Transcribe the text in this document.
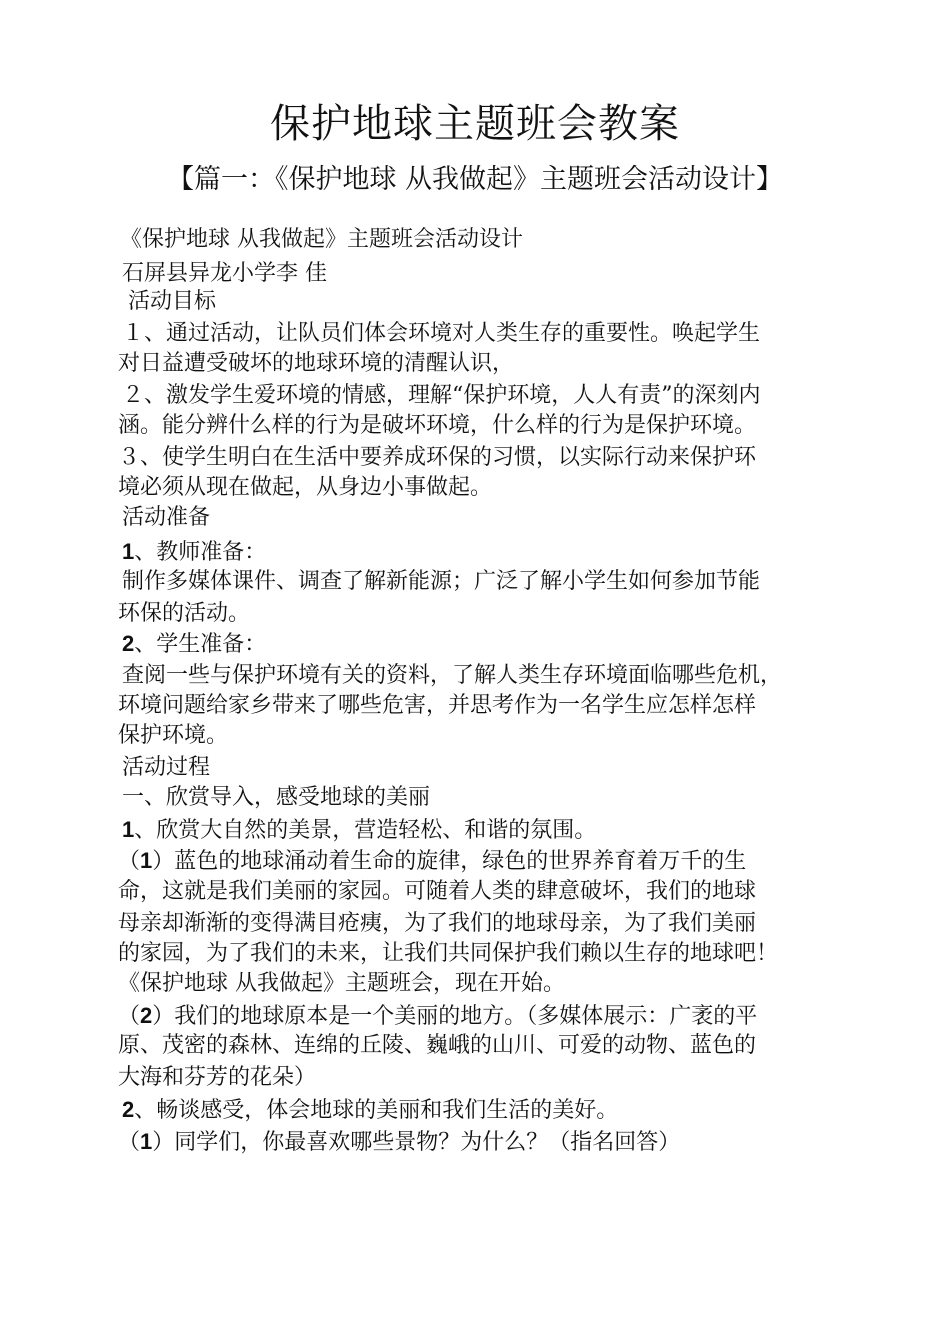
保护地球主题班会教案
【篇一：《保护地球 从我做起》主题班会活动设计】
《保护地球 从我做起》主题班会活动设计
石屏县异龙小学李 佳
活动目标
１、通过活动，让队员们体会环境对人类生存的重要性。唤起学生
对日益遭受破坏的地球环境的清醒认识，
２、激发学生爱环境的情感，理解“保护环境，人人有责”的深刻内
涵。能分辨什么样的行为是破坏环境，什么样的行为是保护环境。
３、使学生明白在生活中要养成环保的习惯，以实际行动来保护环
境必须从现在做起，从身边小事做起。
活动准备
1、教师准备：
制作多媒体课件、调查了解新能源；广泛了解小学生如何参加节能
环保的活动。
2、学生准备：
查阅一些与保护环境有关的资料，了解人类生存环境面临哪些危机，
环境问题给家乡带来了哪些危害，并思考作为一名学生应怎样怎样
保护环境。
活动过程
一、欣赏导入，感受地球的美丽
1、欣赏大自然的美景，营造轻松、和谐的氛围。
（1）蓝色的地球涌动着生命的旋律，绿色的世界养育着万千的生
命，这就是我们美丽的家园。可随着人类的肆意破坏，我们的地球
母亲却渐渐的变得满目疮痍，为了我们的地球母亲，为了我们美丽
的家园，为了我们的未来，让我们共同保护我们赖以生存的地球吧！
《保护地球 从我做起》主题班会，现在开始。
（2）我们的地球原本是一个美丽的地方。（多媒体展示：广袤的平
原、茂密的森林、连绵的丘陵、巍峨的山川、可爱的动物、蓝色的
大海和芬芳的花朵）
2、畅谈感受，体会地球的美丽和我们生活的美好。
（1）同学们，你最喜欢哪些景物？为什么？（指名回答）
